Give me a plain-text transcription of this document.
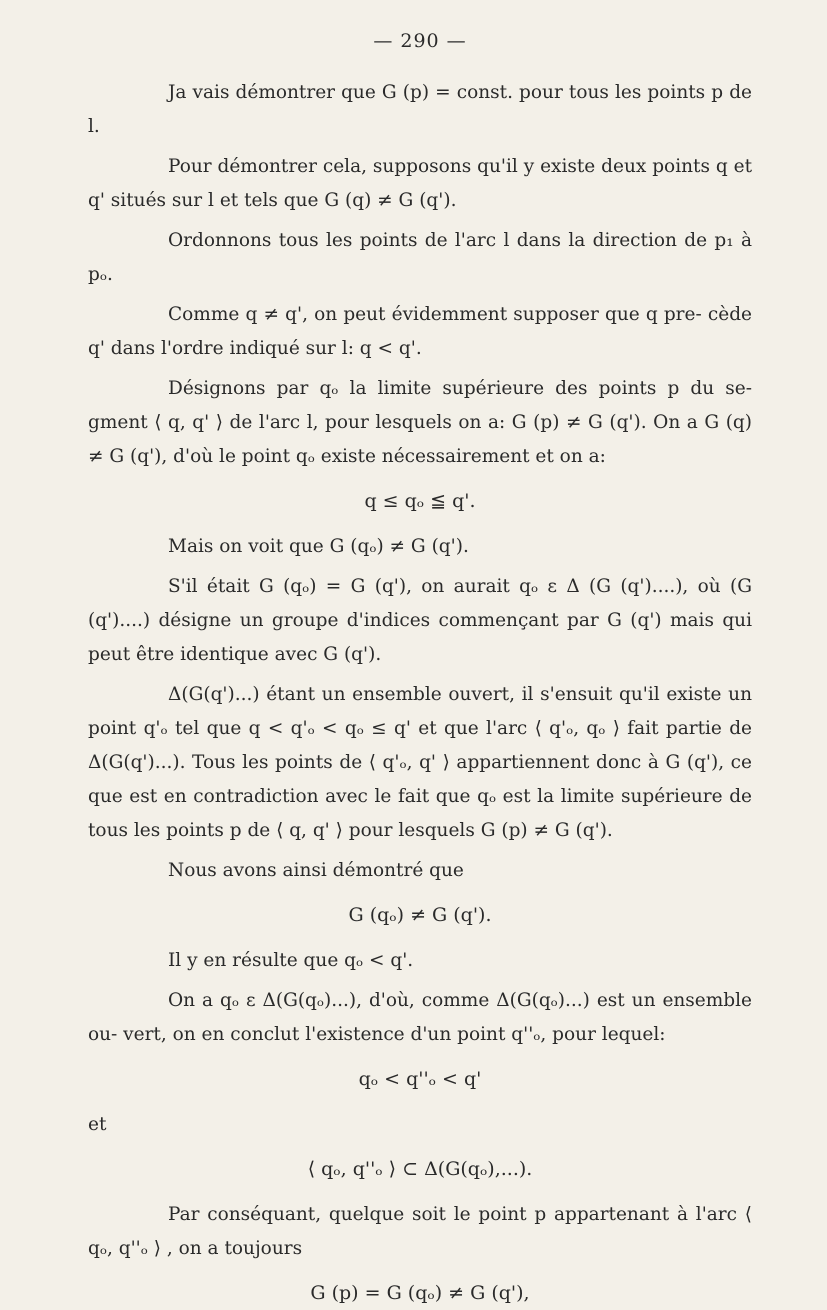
— 290 —

Ja vais démontrer que G (p) = const. pour tous les points p de l.

Pour démontrer cela, supposons qu'il y existe deux points q et q' situés sur l et tels que G (q) ≠ G (q').

Ordonnons tous les points de l'arc l dans la direction de p₁ à pₒ.

Comme q ≠ q', on peut évidemment supposer que q pre- cède q' dans l'ordre indiqué sur l: q < q'.

Désignons par qₒ la limite supérieure des points p du se- gment ⟨ q, q' ⟩ de l'arc l, pour lesquels on a: G (p) ≠ G (q'). On a G (q) ≠ G (q'), d'où le point qₒ existe nécessairement et on a:

q ≤ qₒ ≦ q'.

Mais on voit que G (qₒ) ≠ G (q').

S'il était G (qₒ) = G (q'), on aurait qₒ ε Δ (G (q')....), où (G (q')....) désigne un groupe d'indices commençant par G (q') mais qui peut être identique avec G (q').

Δ(G(q')...) étant un ensemble ouvert, il s'ensuit qu'il existe un point q'ₒ tel que q < q'ₒ < qₒ ≤ q' et que l'arc ⟨ q'ₒ, qₒ ⟩ fait partie de Δ(G(q')...). Tous les points de ⟨ q'ₒ, q' ⟩ appartiennent donc à G (q'), ce que est en contradiction avec le fait que qₒ est la limite supérieure de tous les points p de ⟨ q, q' ⟩ pour lesquels G (p) ≠ G (q').

Nous avons ainsi démontré que

G (qₒ) ≠ G (q').

Il y en résulte que qₒ < q'.

On a qₒ ε Δ(G(qₒ)...), d'où, comme Δ(G(qₒ)...) est un ensemble ou- vert, on en conclut l'existence d'un point q''ₒ, pour lequel:

qₒ < q''ₒ < q'

et

⟨ qₒ, q''ₒ ⟩ ⊂ Δ(G(qₒ),...).

Par conséquant, quelque soit le point p appartenant à l'arc ⟨ qₒ, q''ₒ ⟩ , on a toujours

G (p) = G (qₒ) ≠ G (q'),
